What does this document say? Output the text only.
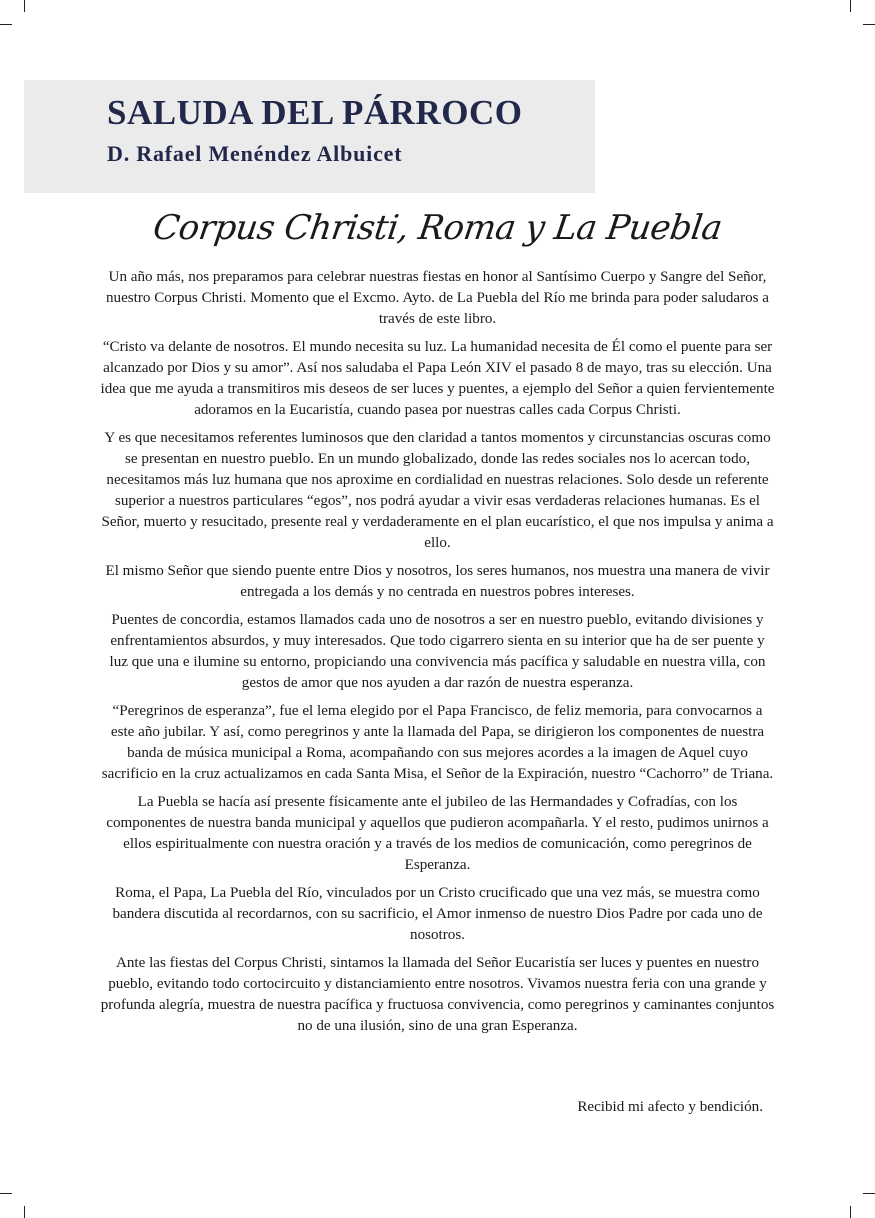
SALUDA DEL PÁRROCO
D. Rafael Menéndez Albuicet
Corpus Christi, Roma y La Puebla

Un año más, nos preparamos para celebrar nuestras fiestas en honor al Santísimo Cuerpo y Sangre del Señor, nuestro Corpus Christi. Momento que el Excmo. Ayto. de La Puebla del Río me brinda para poder saludaros a través de este libro.

“Cristo va delante de nosotros. El mundo necesita su luz. La humanidad necesita de Él como el puente para ser alcanzado por Dios y su amor”. Así nos saludaba el Papa León XIV el pasado 8 de mayo, tras su elección. Una idea que me ayuda a transmitiros mis deseos de ser luces y puentes, a ejemplo del Señor a quien fervientemente adoramos en la Eucaristía, cuando pasea por nuestras calles cada Corpus Christi.

Y es que necesitamos referentes luminosos que den claridad a tantos momentos y circunstancias oscuras como se presentan en nuestro pueblo. En un mundo globalizado, donde las redes sociales nos lo acercan todo, necesitamos más luz humana que nos aproxime en cordialidad en nuestras relaciones. Solo desde un referente superior a nuestros particulares “egos”, nos podrá ayudar a vivir esas verdaderas relaciones humanas. Es el Señor, muerto y resucitado, presente real y verdaderamente en el plan eucarístico, el que nos impulsa y anima a ello.

El mismo Señor que siendo puente entre Dios y nosotros, los seres humanos, nos muestra una manera de vivir entregada a los demás y no centrada en nuestros pobres intereses.

Puentes de concordia, estamos llamados cada uno de nosotros a ser en nuestro pueblo, evitando divisiones y enfrentamientos absurdos, y muy interesados. Que todo cigarrero sienta en su interior que ha de ser puente y luz que una e ilumine su entorno, propiciando una convivencia más pacífica y saludable en nuestra villa, con gestos de amor que nos ayuden a dar razón de nuestra esperanza.

“Peregrinos de esperanza”, fue el lema elegido por el Papa Francisco, de feliz memoria, para convocarnos a este año jubilar. Y así, como peregrinos y ante la llamada del Papa, se dirigieron los componentes de nuestra banda de música municipal a Roma, acompañando con sus mejores acordes a la imagen de Aquel cuyo sacrificio en la cruz actualizamos en cada Santa Misa, el Señor de la Expiración, nuestro “Cachorro” de Triana.

La Puebla se hacía así presente físicamente ante el jubileo de las Hermandades y Cofradías, con los componentes de nuestra banda municipal y aquellos que pudieron acompañarla. Y el resto, pudimos unirnos a ellos espiritualmente con nuestra oración y a través de los medios de comunicación, como peregrinos de Esperanza.

Roma, el Papa, La Puebla del Río, vinculados por un Cristo crucificado que una vez más, se muestra como bandera discutida al recordarnos, con su sacrificio, el Amor inmenso de nuestro Dios Padre por cada uno de nosotros.

Ante las fiestas del Corpus Christi, sintamos la llamada del Señor Eucaristía ser luces y puentes en nuestro pueblo, evitando todo cortocircuito y distanciamiento entre nosotros. Vivamos nuestra feria con una grande y profunda alegría, muestra de nuestra pacífica y fructuosa convivencia, como peregrinos y caminantes conjuntos no de una ilusión, sino de una gran Esperanza.

Recibid mi afecto y bendición.
